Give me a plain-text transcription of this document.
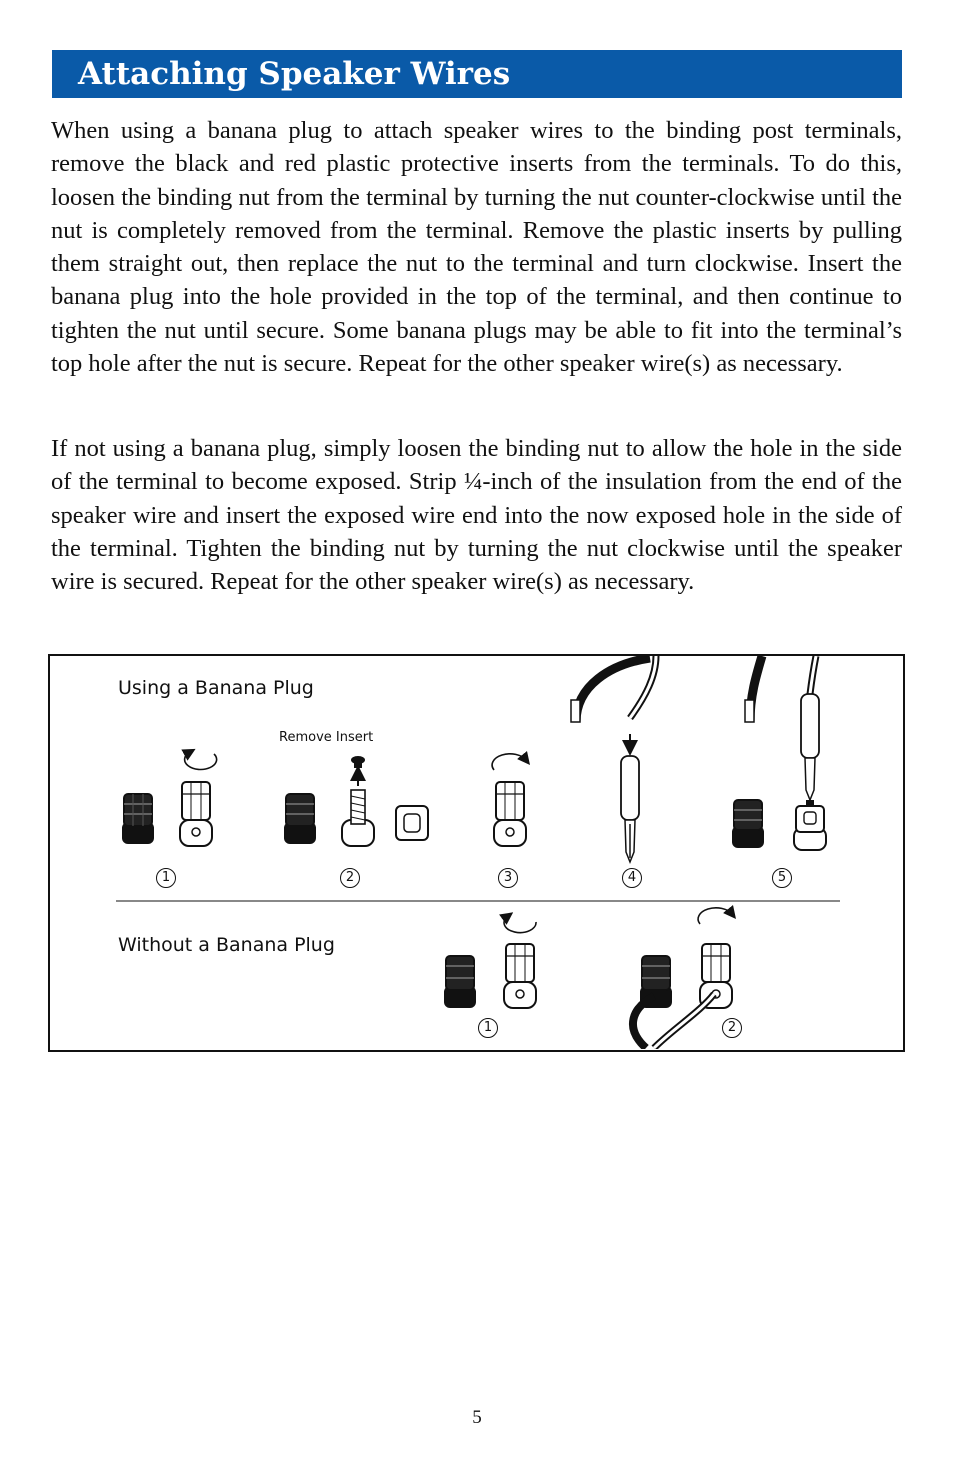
Attaching Speaker Wires

When using a banana plug to attach speaker wires to the binding post terminals, remove the black and red plastic protective inserts from the terminals. To do this, loosen the binding nut from the terminal by turning the nut counter-clockwise until the nut is completely removed from the terminal. Remove the plastic inserts by pulling them straight out, then replace the nut to the terminal and turn clockwise. Insert the banana plug into the hole provided in the top of the terminal, and then continue to tighten the nut until secure. Some banana plugs may be able to fit into the terminal’s top hole after the nut is secure. Repeat for the other speaker wire(s) as necessary.

If not using a banana plug, simply loosen the binding nut to allow the hole in the side of the terminal to become exposed. Strip ¼-inch of the insulation from the end of the speaker wire and insert the exposed wire end into the now exposed hole in the side of the terminal. Tighten the binding nut by turning the nut clockwise until the speaker wire is secured. Repeat for the other speaker wire(s) as necessary.

Using a Banana Plug
Remove Insert
1	2	3	4	5
Without a Banana Plug
1	2
5
